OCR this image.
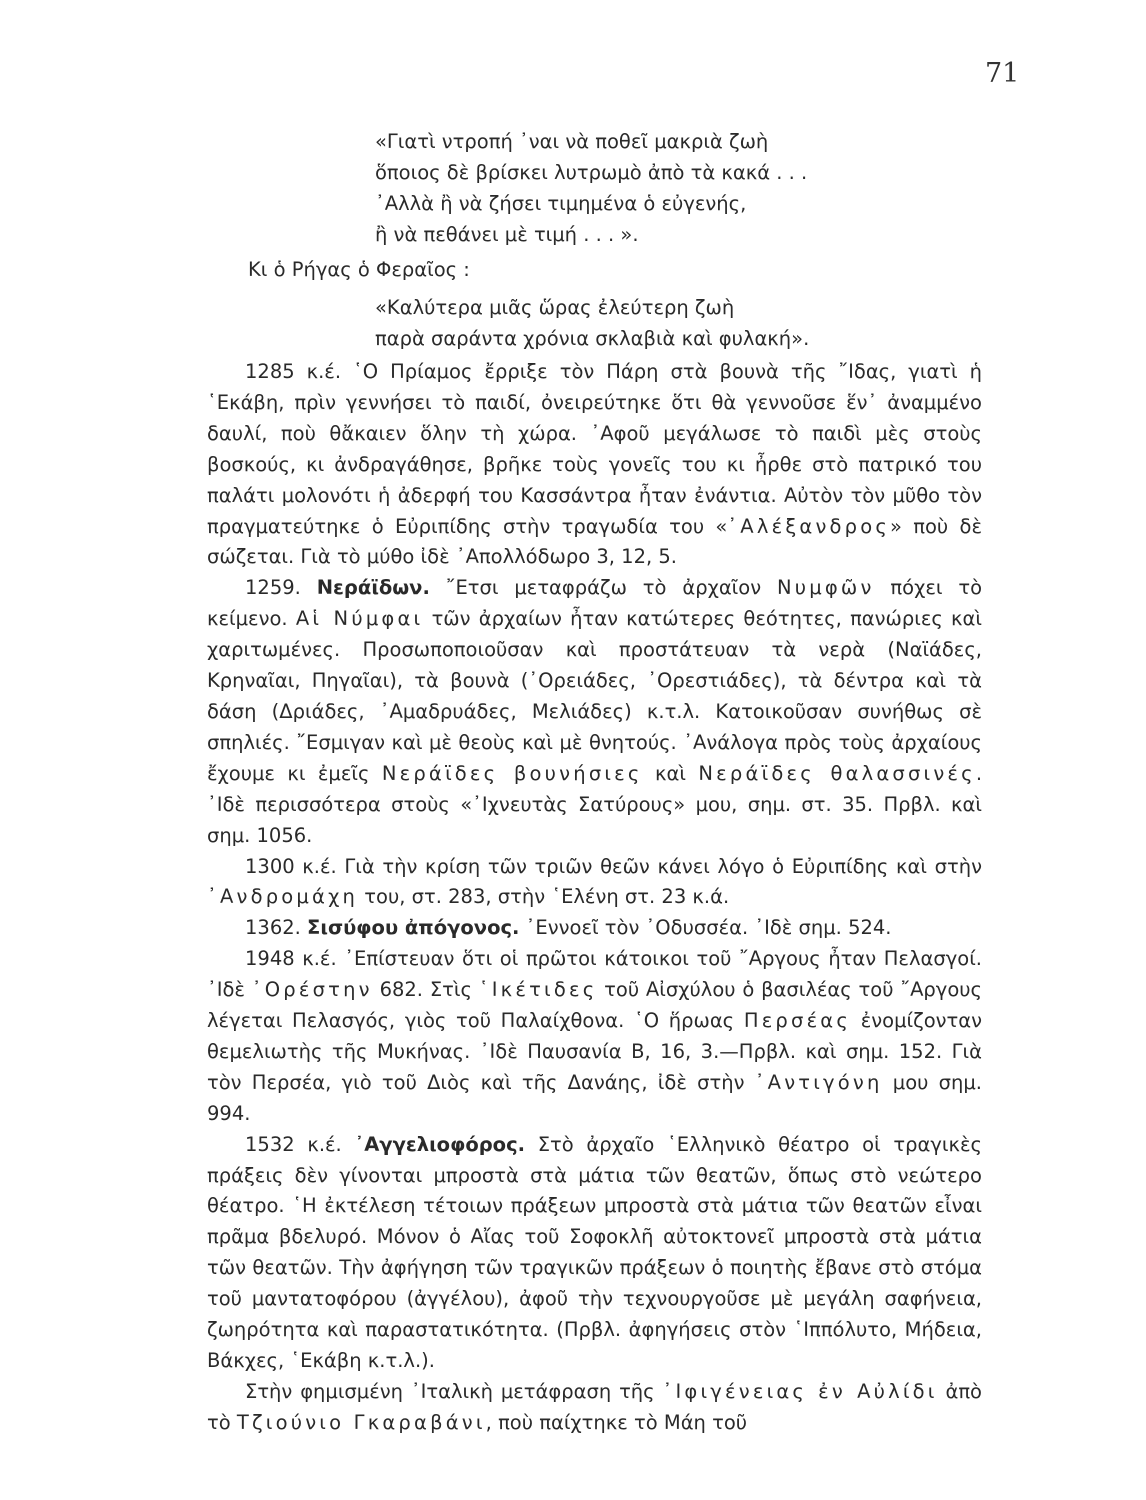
71
«Γιατὶ ντροπή ᾿ναι νὰ ποθεῖ μακριὰ ζωὴ
ὅποιος δὲ βρίσκει λυτρωμὸ ἀπὸ τὰ κακά . . .
᾿Αλλὰ ἢ νὰ ζήσει τιμημένα ὁ εὐγενής,
ἢ νὰ πεθάνει μὲ τιμή . . . ».
Κι ὁ Ρήγας ὁ Φεραῖος :
«Καλύτερα μιᾶς ὥρας ἐλεύτερη ζωὴ
παρὰ σαράντα χρόνια σκλαβιὰ καὶ φυλακή».

1285 κ.έ. ῾Ο Πρίαμος ἔρριξε τὸν Πάρη στὰ βουνὰ τῆς ῎Ιδας, γιατὶ ἡ ῾Εκάβη, πρὶν γεννήσει τὸ παιδί, ὀνειρεύτηκε ὅτι θὰ γεννοῦσε ἕν᾿ ἀναμμένο δαυλί, ποὺ θἄκαιεν ὅλην τὴ χώρα. ᾿Αφοῦ μεγάλωσε τὸ παιδὶ μὲς στοὺς βοσκούς, κι ἀνδραγάθησε, βρῆκε τοὺς γονεῖς του κι ἦρθε στὸ πατρικό του παλάτι μολονότι ἡ ἀδερφή του Κασσάντρα ἦταν ἐνάντια. Αὐτὸν τὸν μῦθο τὸν πραγματεύτηκε ὁ Εὐριπίδης στὴν τραγωδία του «᾿Αλέξανδρος» ποὺ δὲ σώζεται. Γιὰ τὸ μύθο ἰδὲ ᾿Απολλόδωρο 3, 12, 5.

1259. Νεράϊδων. ῎Ετσι μεταφράζω τὸ ἀρχαῖον Νυμφῶν πόχει τὸ κείμενο. Αἱ Νύμφαι τῶν ἀρχαίων ἦταν κατώτερες θεότητες, πανώριες καὶ χαριτωμένες. Προσωποποιοῦσαν καὶ προστάτευαν τὰ νερὰ (Ναϊάδες, Κρηναῖαι, Πηγαῖαι), τὰ βουνὰ (᾿Ορειάδες, ᾿Ορεστιάδες), τὰ δέντρα καὶ τὰ δάση (Δριάδες, ᾿Αμαδρυάδες, Μελιάδες) κ.τ.λ. Κατοικοῦσαν συνήθως σὲ σπηλιές. ῎Εσμιγαν καὶ μὲ θεοὺς καὶ μὲ θνητούς. ᾿Ανάλογα πρὸς τοὺς ἀρχαίους ἔχουμε κι ἐμεῖς Νεράϊδες βουνήσιες καὶ Νεράϊδες θαλασσινές. ᾿Ιδὲ περισσότερα στοὺς «᾿Ιχνευτὰς Σατύρους» μου, σημ. στ. 35. Πρβλ. καὶ σημ. 1056.

1300 κ.έ. Γιὰ τὴν κρίση τῶν τριῶν θεῶν κάνει λόγο ὁ Εὐριπίδης καὶ στὴν ᾿Ανδρομάχη του, στ. 283, στὴν ῾Ελένη στ. 23 κ.ά.

1362. Σισύφου ἀπόγονος. ᾿Εννοεῖ τὸν ᾿Οδυσσέα. ᾿Ιδὲ σημ. 524.

1948 κ.έ. ᾿Επίστευαν ὅτι οἱ πρῶτοι κάτοικοι τοῦ ῎Αργους ἦταν Πελασγοί. ᾿Ιδὲ ᾿Ορέστην 682. Στὶς ῾Ικέτιδες τοῦ Αἰσχύλου ὁ βασιλέας τοῦ ῎Αργους λέγεται Πελασγός, γιὸς τοῦ Παλαίχθονα. ῾Ο ἥρωας Περσέας ἐνομίζονταν θεμελιωτὴς τῆς Μυκήνας. ᾿Ιδὲ Παυσανία Β, 16, 3.—Πρβλ. καὶ σημ. 152. Γιὰ τὸν Περσέα, γιὸ τοῦ Διὸς καὶ τῆς Δανάης, ἰδὲ στὴν ᾿Αντιγόνη μου σημ. 994.

1532 κ.έ. ᾿Αγγελιοφόρος. Στὸ ἀρχαῖο ῾Ελληνικὸ θέατρο οἱ τραγικὲς πράξεις δὲν γίνονται μπροστὰ στὰ μάτια τῶν θεατῶν, ὅπως στὸ νεώτερο θέατρο. ῾Η ἐκτέλεση τέτοιων πράξεων μπροστὰ στὰ μάτια τῶν θεατῶν εἶναι πρᾶμα βδελυρό. Μόνον ὁ Αἴας τοῦ Σοφοκλῆ αὐτοκτονεῖ μπροστὰ στὰ μάτια τῶν θεατῶν. Τὴν ἀφήγηση τῶν τραγικῶν πράξεων ὁ ποιητὴς ἔβανε στὸ στόμα τοῦ μαντατοφόρου (ἀγγέλου), ἀφοῦ τὴν τεχνουργοῦσε μὲ μεγάλη σαφήνεια, ζωηρότητα καὶ παραστατικότητα. (Πρβλ. ἀφηγήσεις στὸν ῾Ιππόλυτο, Μήδεια, Βάκχες, ῾Εκάβη κ.τ.λ.).

Στὴν φημισμένη ᾿Ιταλικὴ μετάφραση τῆς ᾿Ιφιγένειας ἐν Αὐλίδι ἀπὸ τὸ Τζιούνιο Γκαραβάνι, ποὺ παίχτηκε τὸ Μάη τοῦ
